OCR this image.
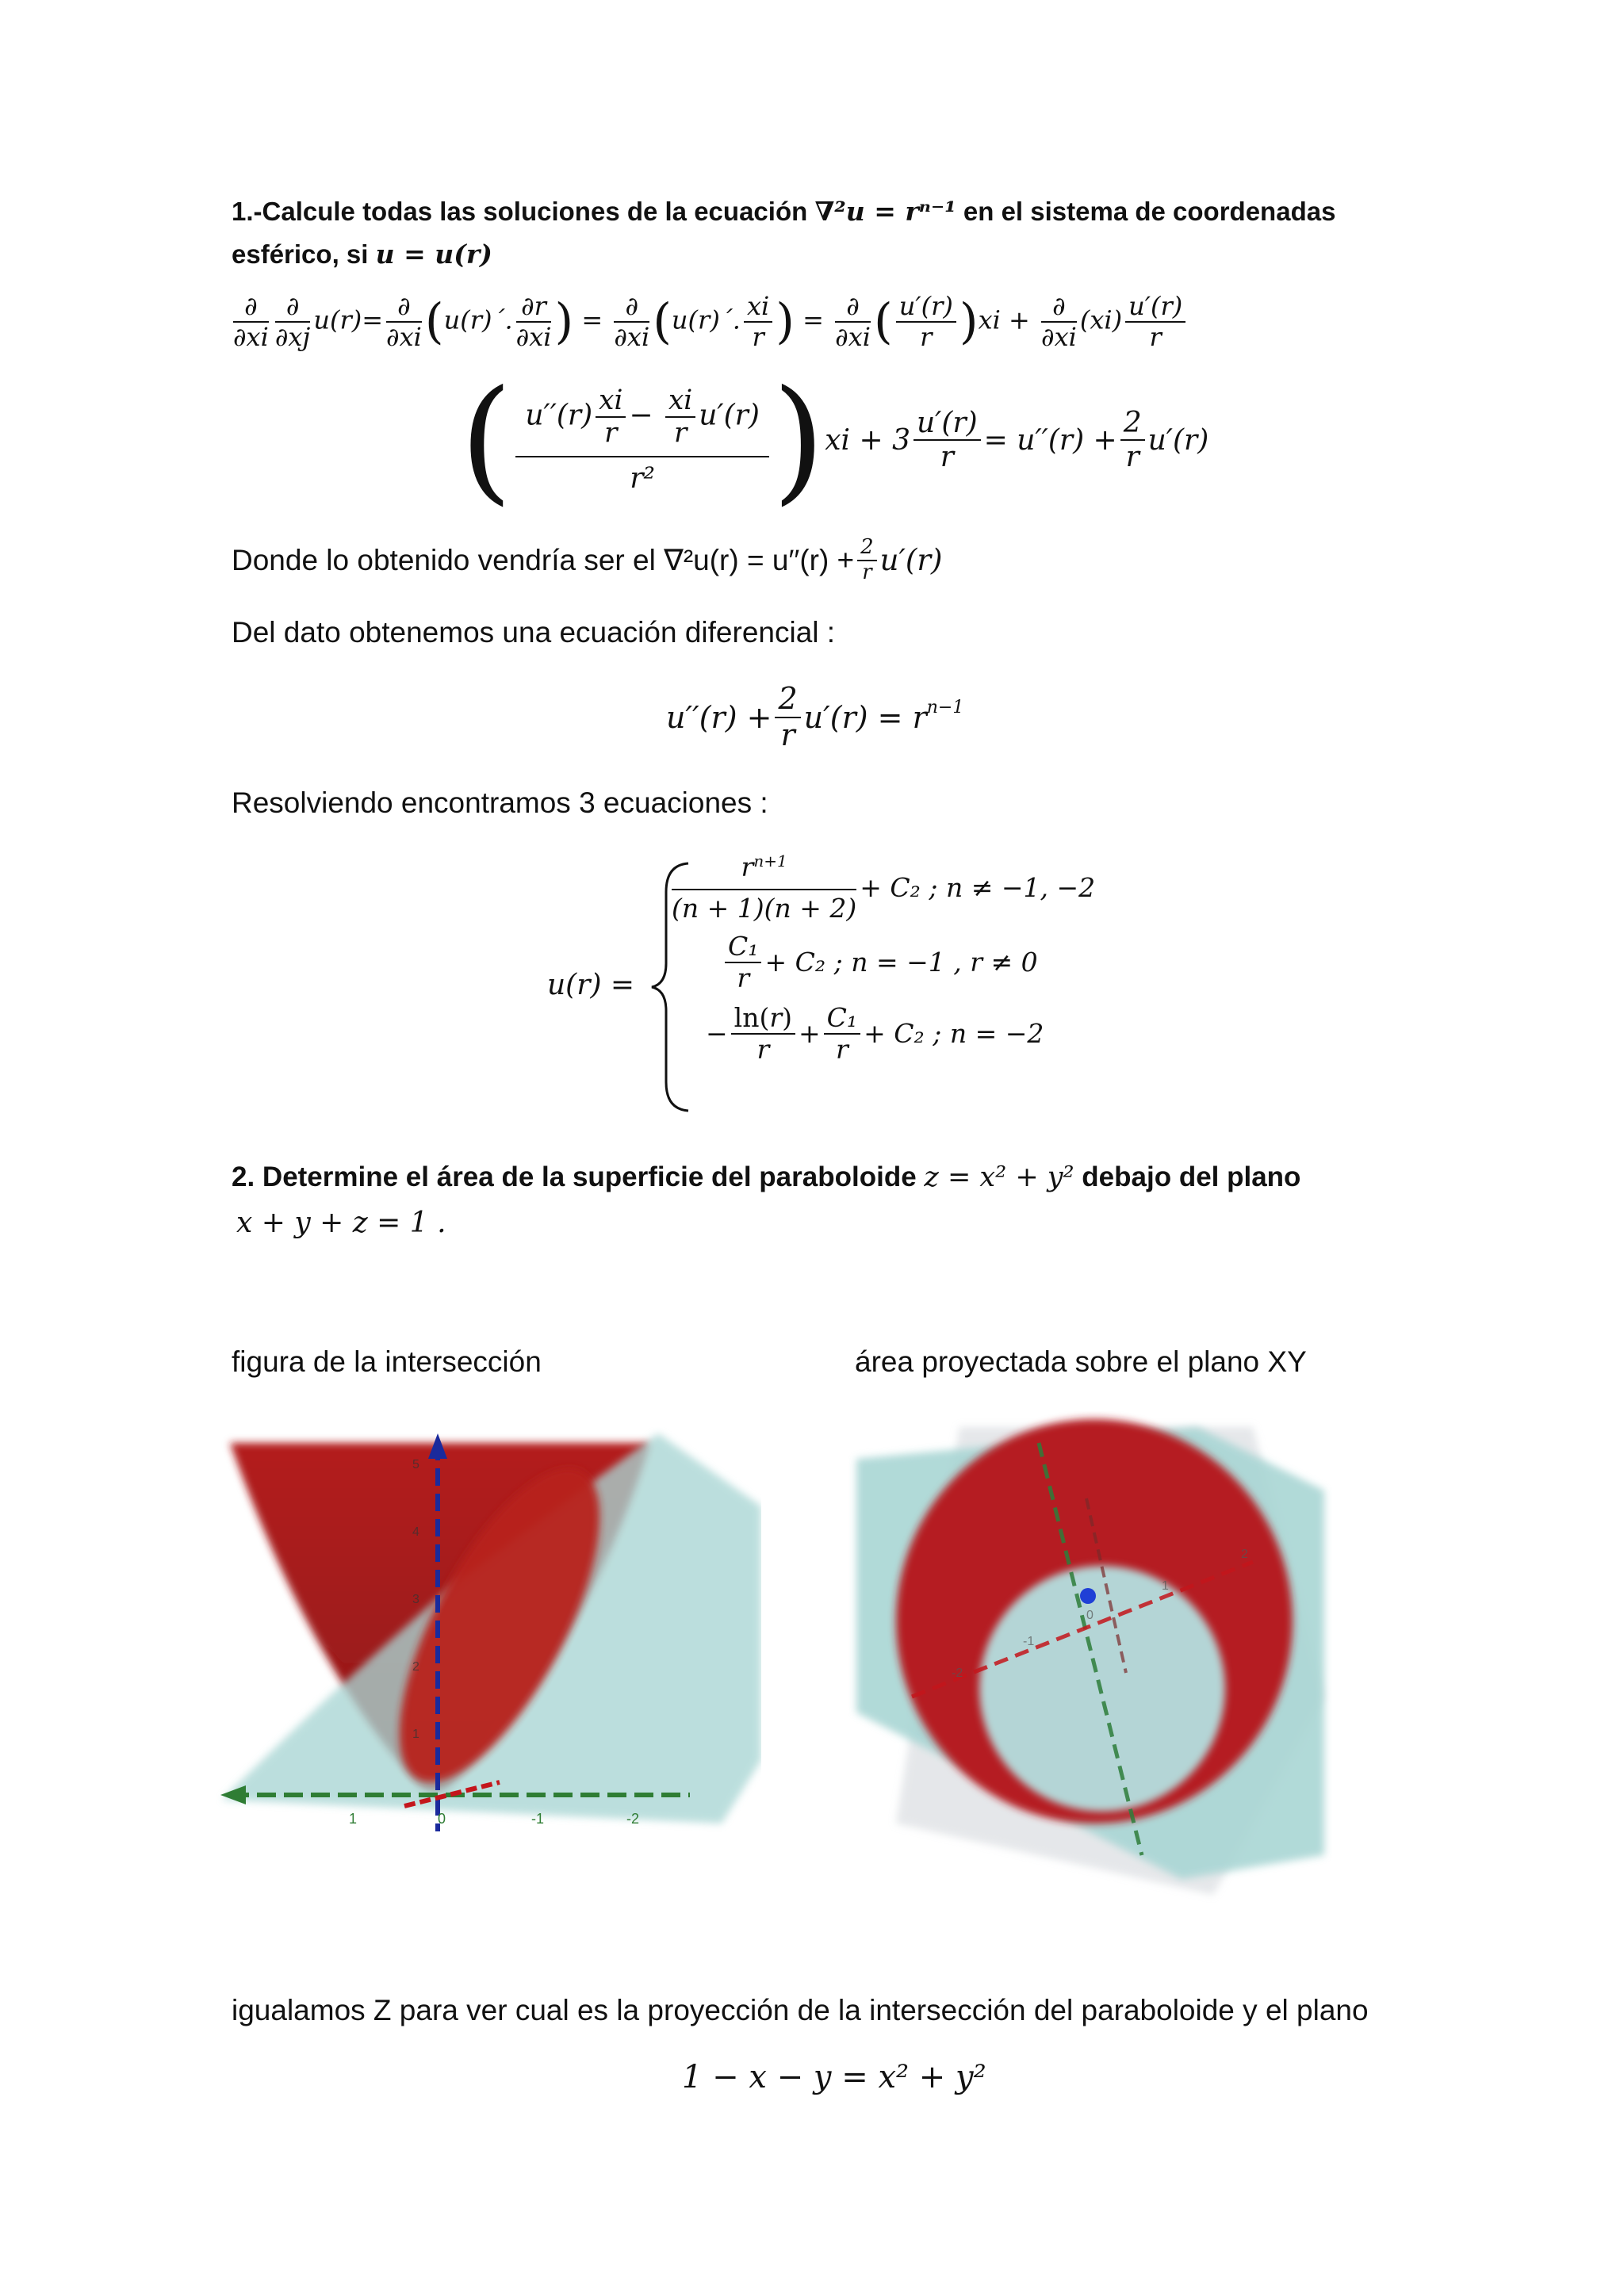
1.-Calcule todas las soluciones de la ecuación ∇²u = rⁿ⁻¹ en el sistema de coordenadas esférico, si u = u(r)
$\frac{\partial}{\partial xi} \frac{\partial}{\partial xj} u(r)= \frac{\partial}{\partial xi}$ (u(r)´. $\frac{\partial r}{\partial xi}$ ) = $\frac{\partial}{\partial xi}$ (u(r)´. $\frac{xi}{r}$ ) = $\frac{\partial}{\partial xi}$ ( $\frac{u'(r)}{r} )xi + \frac{\partial}{\partial xi} (xi) \frac{u'(r)}{r}$
( $\frac{u''(r) \frac{xi}{r} - \frac{xi}{r} u'(r)}{\text{r²}}$ ) xi + $3 \frac{u'(r)}{r} = u''(r) + \frac{2}{r} u'(r)$
Donde lo obtenido vendría ser el $\nabla^2u(r) = u''(r) + \frac{2}{r} u'(r)$
Del dato obtenemos una ecuación diferencial :
$u''(r) + \frac{2}{r} u'(r) = r^{n-1}$
Resolviendo encontramos 3 ecuaciones :
u(r) =
$\frac{r^{n+1}}{(n + 1)(n + 2)} + C_2$ ; n ≠ −1, −2
$\frac{\text{C₁}}{r} + C_2$ ; n = −1 , r ≠ 0
− $\frac{\ln(r)}{r} + \frac{\text{C₁}}{r} + C_2$ ; n = −2
2. Determine el área de la superficie del paraboloide z = x² + y² debajo del plano
x + y + z = 1 .
figura de la intersección	área proyectada sobre el plano XY
5
4
3
2
1
1	0	-1	-2
2
1
0
-1
-2
igualamos Z para ver cual es la proyección de la intersección del paraboloide y el plano
1 − x − y = x² + y²
